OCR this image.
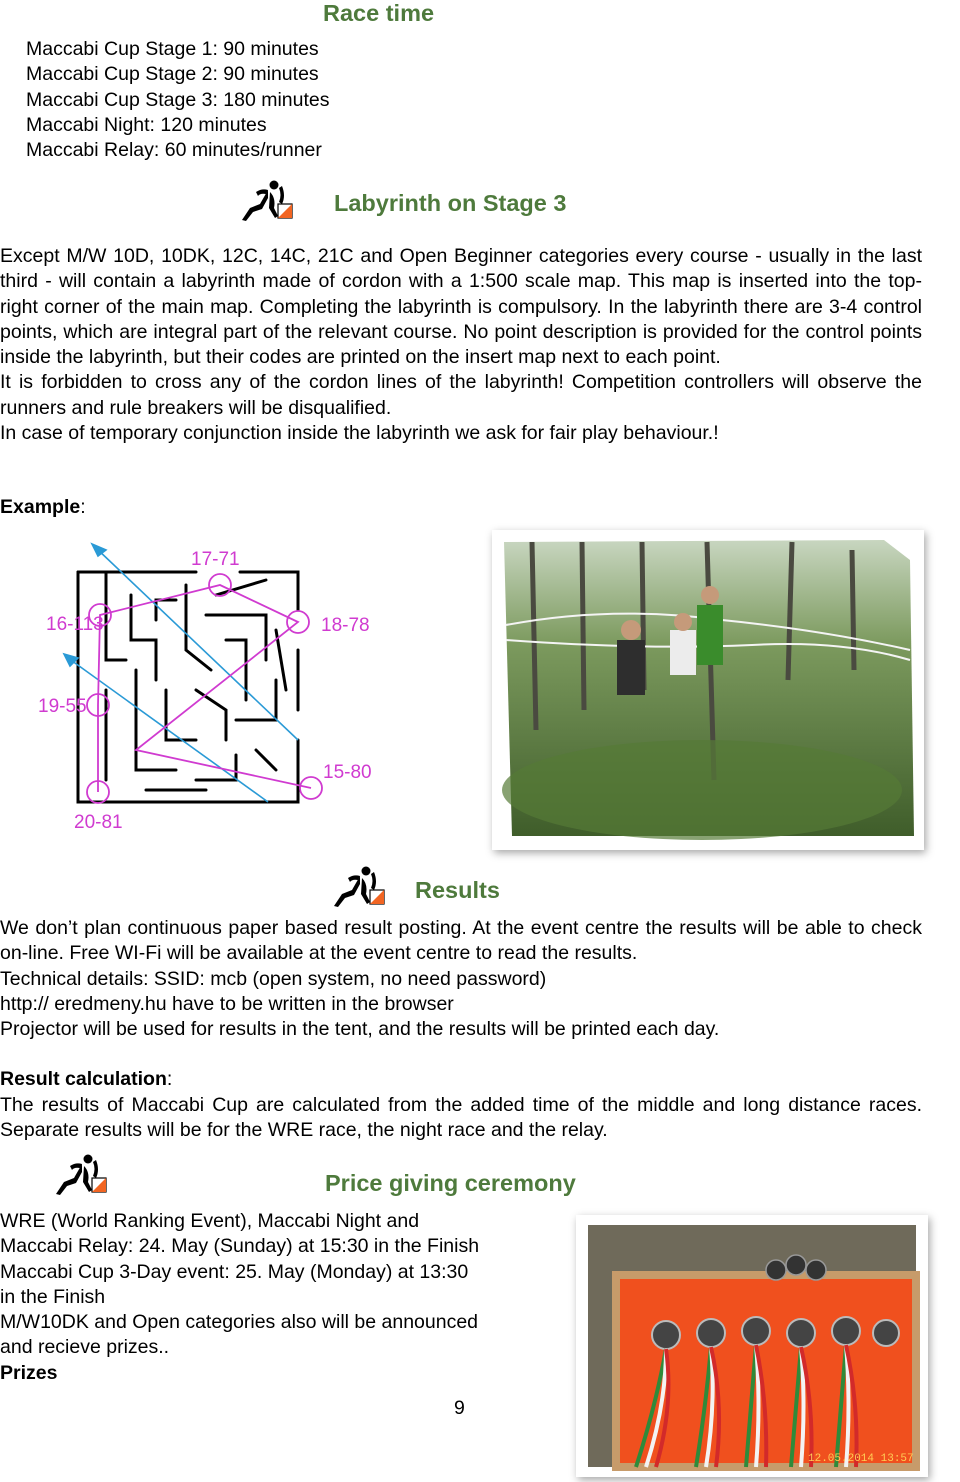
Race time
Maccabi Cup Stage 1: 90 minutes
Maccabi Cup Stage 2: 90 minutes
Maccabi Cup Stage 3: 180 minutes
Maccabi Night: 120 minutes
Maccabi Relay: 60 minutes/runner
Labyrinth on Stage 3

Except M/W 10D, 10DK, 12C, 14C, 21C and Open Beginner categories every course - usually in the last third - will contain a labyrinth made of cordon with a 1:500 scale map. This map is inserted into the top-right corner of the main map. Completing the labyrinth is compulsory. In the labyrinth there are 3-4 control points, which are integral part of the relevant course. No point description is provided for the control points inside the labyrinth, but their codes are printed on the insert map next to each point.

It is forbidden to cross any of the cordon lines of the labyrinth! Competition controllers will observe the runners and rule breakers will be disqualified.

In case of temporary conjunction inside the labyrinth we ask for fair play behaviour.!

Example:
17-71
16-113	18-78
19-55
15-80
20-81
Results

We don’t plan continuous paper based result posting. At the event centre the results will be able to check on-line. Free WI-Fi will be available at the event centre to read the results.

Technical details: SSID: mcb (open system, no need password)

http:// eredmeny.hu have to be written in the browser

Projector will be used for results in the tent, and the results will be printed each day.

Result calculation:
The results of Maccabi Cup are calculated from the added time of the middle and long distance races. Separate results will be for the WRE race, the night race and the relay.
Price giving ceremony
WRE (World Ranking Event), Maccabi Night and
Maccabi Relay: 24. May (Sunday) at 15:30 in the Finish
Maccabi Cup 3-Day event: 25. May (Monday) at 13:30
in the Finish
M/W10DK and Open categories also will be announced
and recieve prizes..
Prizes
12.05.2014 13:57
9
